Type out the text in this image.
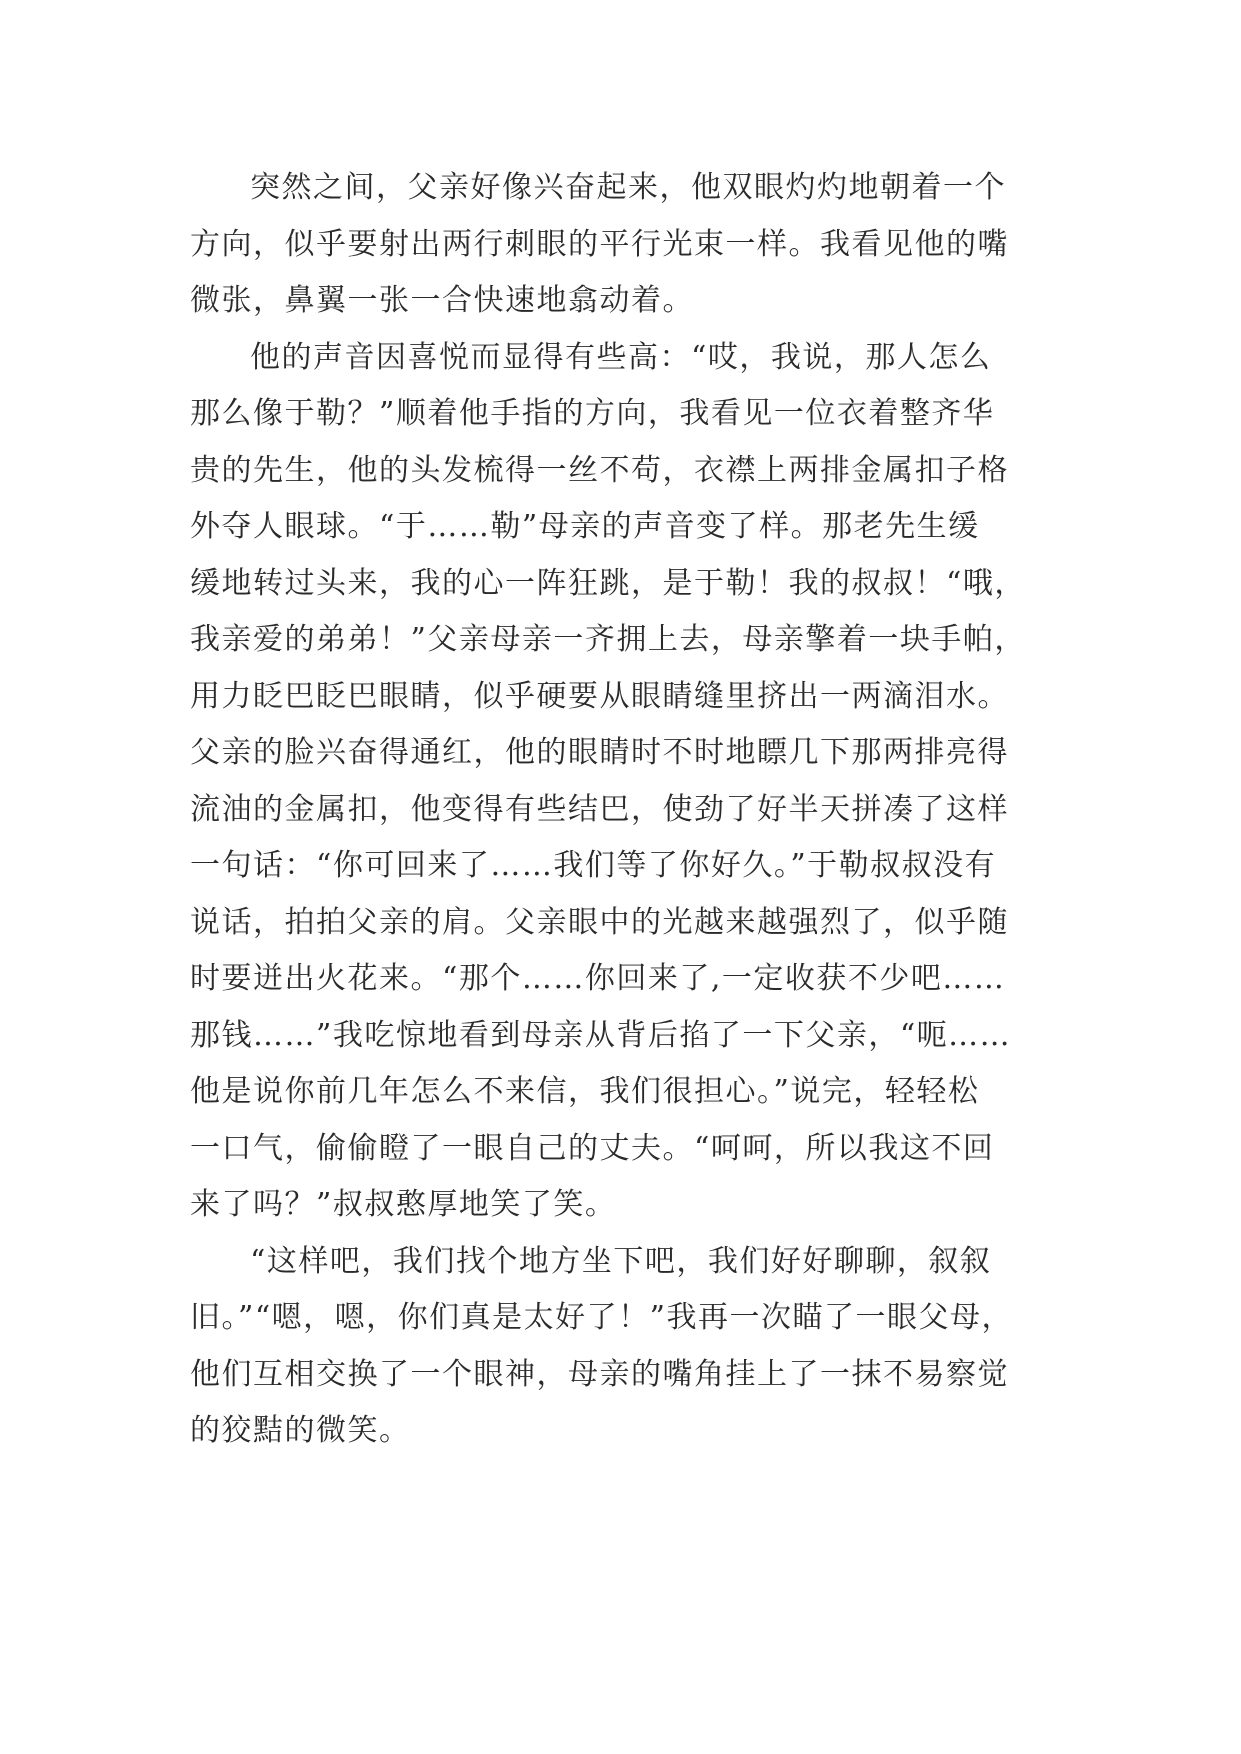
突然之间，父亲好像兴奋起来，他双眼灼灼地朝着一个
方向，似乎要射出两行刺眼的平行光束一样。我看见他的嘴
微张，鼻翼一张一合快速地翕动着。
他的声音因喜悦而显得有些高：“哎，我说，那人怎么
那么像于勒？”顺着他手指的方向，我看见一位衣着整齐华
贵的先生，他的头发梳得一丝不苟，衣襟上两排金属扣子格
外夺人眼球。“于……勒”母亲的声音变了样。那老先生缓
缓地转过头来，我的心一阵狂跳，是于勒！我的叔叔！“哦，
我亲爱的弟弟！”父亲母亲一齐拥上去，母亲擎着一块手帕，
用力眨巴眨巴眼睛，似乎硬要从眼睛缝里挤出一两滴泪水。
父亲的脸兴奋得通红，他的眼睛时不时地瞟几下那两排亮得
流油的金属扣，他变得有些结巴，使劲了好半天拼凑了这样
一句话：“你可回来了……我们等了你好久。”于勒叔叔没有
说话，拍拍父亲的肩。父亲眼中的光越来越强烈了，似乎随
时要迸出火花来。“那个……你回来了,一定收获不少吧……
那钱……”我吃惊地看到母亲从背后掐了一下父亲，“呃……
他是说你前几年怎么不来信，我们很担心。”说完，轻轻松
一口气，偷偷瞪了一眼自己的丈夫。“呵呵，所以我这不回
来了吗？”叔叔憨厚地笑了笑。
“这样吧，我们找个地方坐下吧，我们好好聊聊，叙叙
旧。”“嗯，嗯，你们真是太好了！”我再一次瞄了一眼父母，
他们互相交换了一个眼神，母亲的嘴角挂上了一抹不易察觉
的狡黠的微笑。
